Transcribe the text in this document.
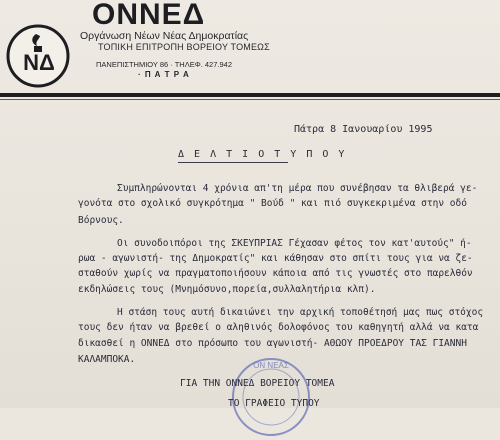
ΝΔ
ONNEΔ
Οργάνωση Νέων Νέας Δημοκρατίας
ΤΟΠΙΚΗ ΕΠΙΤΡΟΠΗ ΒΟΡΕΙΟΥ ΤΟΜΕΩΣ
ΠΑΝΕΠΙΣΤΗΜΙΟΥ 86 · ΤΗΛΕΦ. 427.942
· Π Α Τ Ρ Α
Πάτρα 8 Ιανουαρίου 1995
Δ Ε Λ Τ Ι Ο Τ Υ Π Ο Υ
Συμπληρώνονται 4 χρόνια απ'τη μέρα που συνέβησαν τα θλιβερά γε-
γονότα στο σχολικό συγκρότημα " Βούδ " και πιό συγκεκριμένα στην οδό
Βόρνους.
Οι συνοδοιπόροι της ΣΚΕΥΠΡΙΑΣ Γέχασαν φέτος τον κατ'αυτούς" ή-
ρωα - αγωνιστή- της Δημοκρατίς" και κάθησαν στο σπίτι τους για να ζε-
σταθούν χωρίς να πραγματοποιήσουν κάποια από τις γνωστές στο παρελθόν
εκδηλώσεις τους (Μνημόσυνο,πορεία,συλλαλητήρια κλπ).
Η στάση τους αυτή δικαιώνει την αρχική τοποθέτησή μας πως στόχος
τους δεν ήταν να βρεθεί ο αληθινός δολοφόνος του καθηγητή αλλά να κατα
δικασθεί η ΟΝΝΕΔ στο πρόσωπο του αγωνιστή- ΑΘΩΟΥ ΠΡΟΕΔΡΟΥ ΤΑΣ ΓΙΑΝΝΗ
ΚΑΛΑΜΠΟΚΑ.
ΟΝ ΝΕΑΣ
ΓΙΑ ΤΗΝ ΟΝΝΕΔ ΒΟΡΕΙΟΥ ΤΟΜΕΑ
ΤΟ ΓΡΑΦΕΙΟ ΤΥΠΟΥ
